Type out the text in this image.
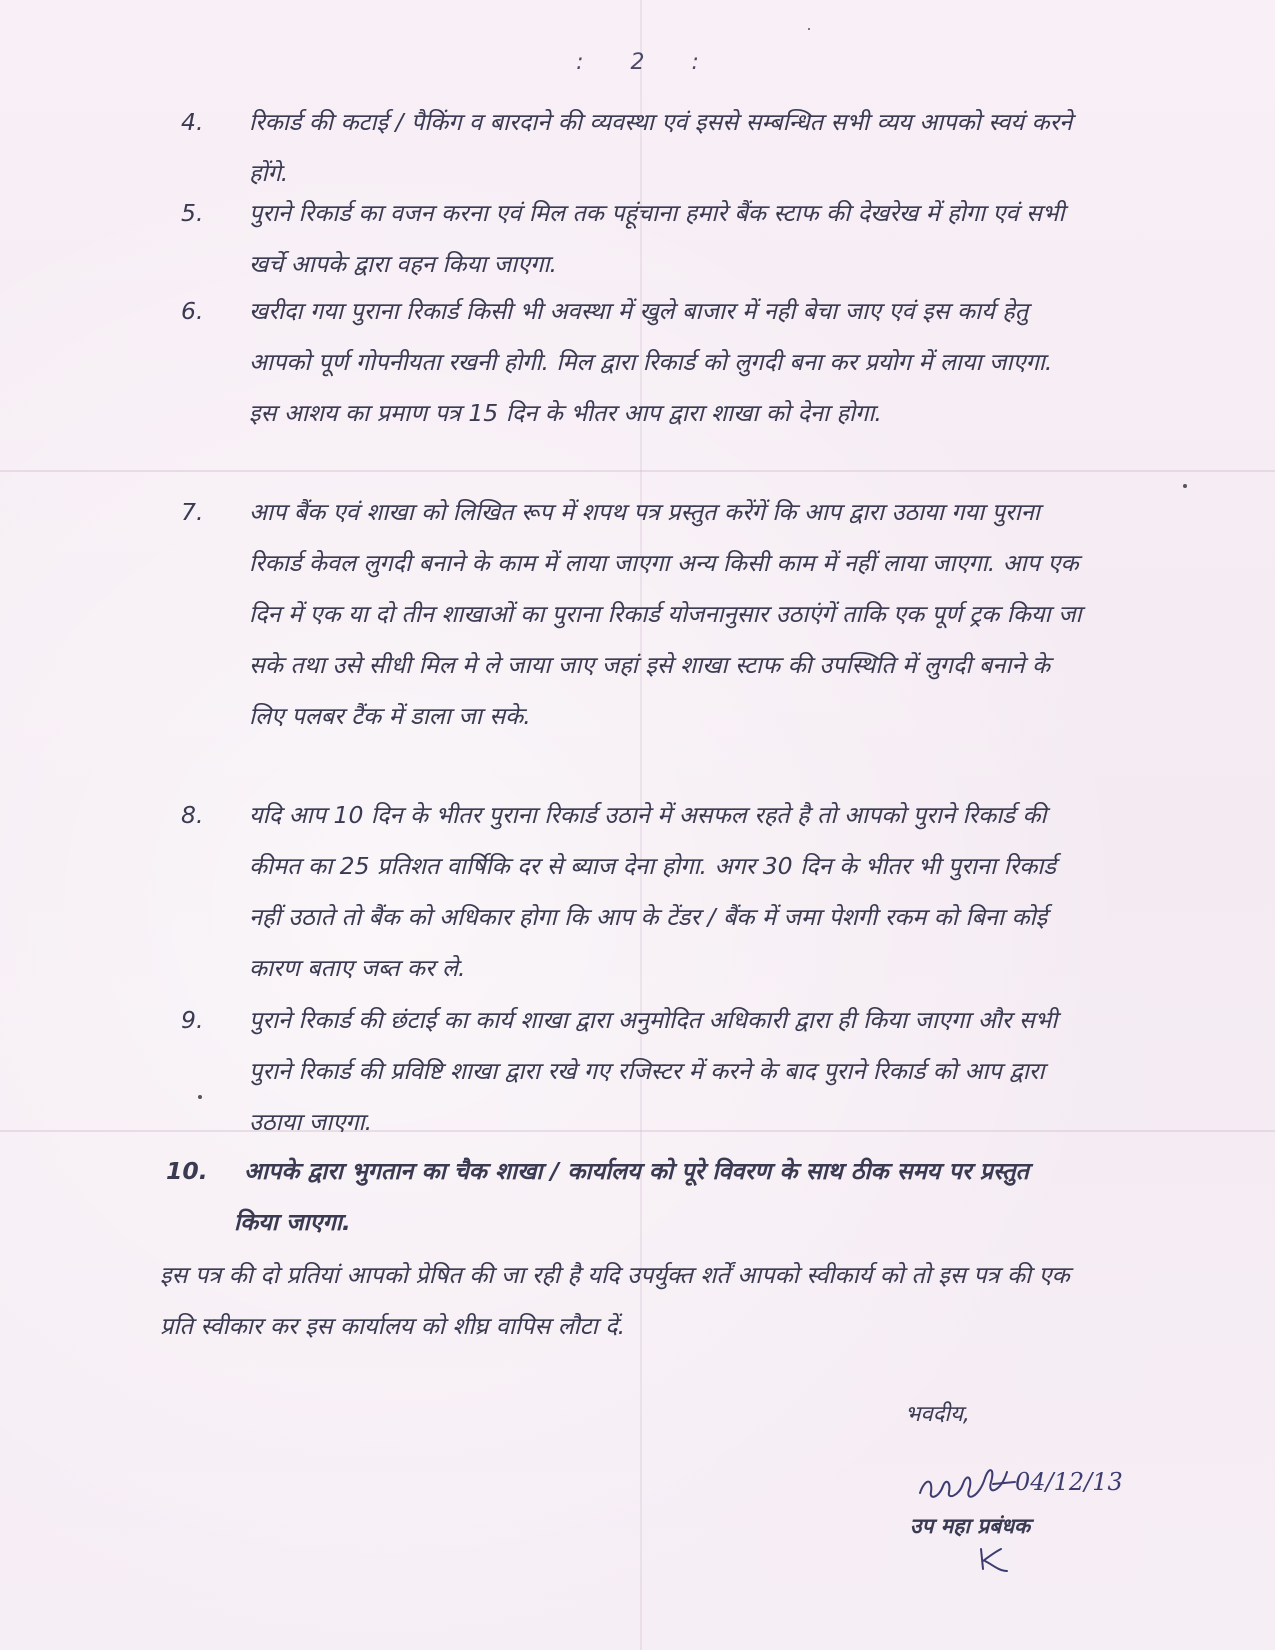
: 2 :
4. रिकार्ड की कटाई / पैकिंग व बारदाने की व्यवस्था एवं इससे सम्बन्धित सभी व्यय आपको स्वयं करने होंगे.
5. पुराने रिकार्ड का वजन करना एवं मिल तक पहूंचाना हमारे बैंक स्टाफ की देखरेख में होगा एवं सभी खर्चे आपके द्वारा वहन किया जाएगा.
6. खरीदा गया पुराना रिकार्ड किसी भी अवस्था में खुले बाजार में नही बेचा जाए एवं इस कार्य हेतु आपको पूर्ण गोपनीयता रखनी होगी. मिल द्वारा रिकार्ड को लुगदी बना कर प्रयोग में लाया जाएगा. इस आशय का प्रमाण पत्र 15 दिन के भीतर आप द्वारा शाखा को देना होगा.
7. आप बैंक एवं शाखा को लिखित रूप में शपथ पत्र प्रस्तुत करेंगें कि आप द्वारा उठाया गया पुराना रिकार्ड केवल लुगदी बनाने के काम में लाया जाएगा अन्य किसी काम में नहीं लाया जाएगा. आप एक दिन में एक या दो तीन शाखाओं का पुराना रिकार्ड योजनानुसार उठाएंगें ताकि एक पूर्ण ट्रक किया जा सके तथा उसे सीधी मिल मे ले जाया जाए जहां इसे शाखा स्टाफ की उपस्थिति में लुगदी बनाने के लिए पलबर टैंक में डाला जा सके.
8. यदि आप 10 दिन के भीतर पुराना रिकार्ड उठाने में असफल रहते है तो आपको पुराने रिकार्ड की कीमत का 25 प्रतिशत वार्षिकि दर से ब्याज देना होगा. अगर 30 दिन के भीतर भी पुराना रिकार्ड नहीं उठाते तो बैंक को अधिकार होगा कि आप के टेंडर / बैंक में जमा पेशगी रकम को बिना कोई कारण बताए जब्त कर ले.
9. पुराने रिकार्ड की छंटाई का कार्य शाखा द्वारा अनुमोदित अधिकारी द्वारा ही किया जाएगा और सभी पुराने रिकार्ड की प्रविष्टि शाखा द्वारा रखे गए रजिस्टर में करने के बाद पुराने रिकार्ड को आप द्वारा उठाया जाएगा.
10. आपके द्वारा भुगतान का चैक शाखा / कार्यालय को पूरे विवरण के साथ ठीक समय पर प्रस्तुत किया जाएगा.
इस पत्र की दो प्रतियां आपको प्रेषित की जा रही है यदि उपर्युक्त शर्तें आपको स्वीकार्य को तो इस पत्र की एक प्रति स्वीकार कर इस कार्यालय को शीघ्र वापिस लौटा दें.
भवदीय,
04/12/13
उप महा प्रबंधक
